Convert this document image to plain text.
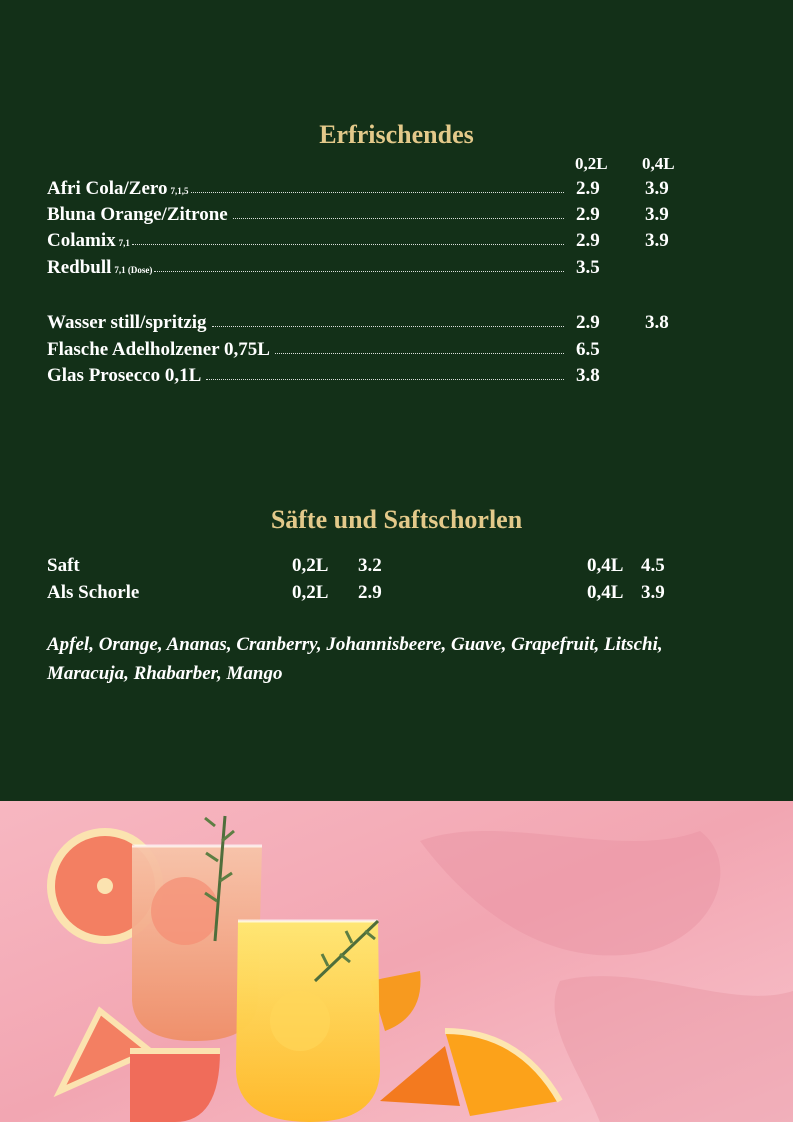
Erfrischendes
0,2L 0,4L
Afri Cola/Zero 7,1,5	2.9 3.9
Bluna Orange/Zitrone	2.9 3.9
Colamix 7,1	2.9 3.9
Redbull 7,1 (Dose)	3.5
Wasser still/spritzig	2.9 3.8
Flasche Adelholzener 0,75L	6.5
Glas Prosecco 0,1L	3.8
Säfte und Saftschorlen
Saft	0,2L 3.2	0,4L 4.5
Als Schorle	0,2L 2.9	0,4L 3.9
Apfel, Orange, Ananas, Cranberry, Johannisbeere, Guave, Grapefruit, Litschi, Maracuja, Rhabarber, Mango
